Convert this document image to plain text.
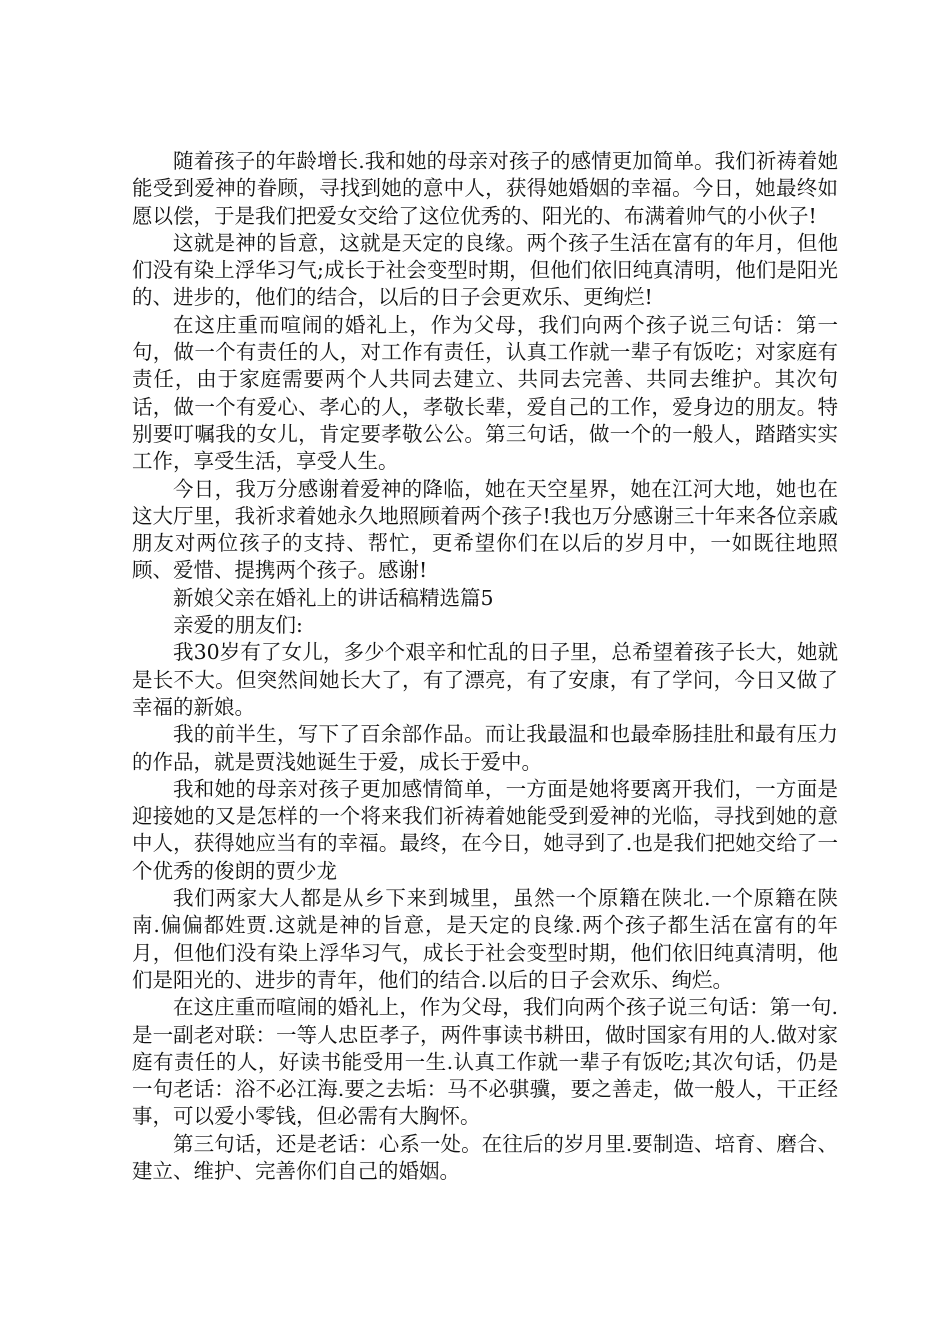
随着孩子的年龄增长.我和她的母亲对孩子的感情更加简单。我们祈祷着她能受到爱神的眷顾，寻找到她的意中人，获得她婚姻的幸福。今日，她最终如愿以偿，于是我们把爱女交给了这位优秀的、阳光的、布满着帅气的小伙子!

这就是神的旨意，这就是天定的良缘。两个孩子生活在富有的年月，但他们没有染上浮华习气;成长于社会变型时期，但他们依旧纯真清明，他们是阳光的、进步的，他们的结合，以后的日子会更欢乐、更绚烂!

在这庄重而喧闹的婚礼上，作为父母，我们向两个孩子说三句话：第一句，做一个有责任的人，对工作有责任，认真工作就一辈子有饭吃；对家庭有责任，由于家庭需要两个人共同去建立、共同去完善、共同去维护。其次句话，做一个有爱心、孝心的人，孝敬长辈，爱自己的工作，爱身边的朋友。特别要叮嘱我的女儿，肯定要孝敬公公。第三句话，做一个的一般人，踏踏实实工作，享受生活，享受人生。

今日，我万分感谢着爱神的降临，她在天空星界，她在江河大地，她也在这大厅里，我祈求着她永久地照顾着两个孩子!我也万分感谢三十年来各位亲戚朋友对两位孩子的支持、帮忙，更希望你们在以后的岁月中，一如既往地照顾、爱惜、提携两个孩子。感谢!

新娘父亲在婚礼上的讲话稿精选篇5

亲爱的朋友们:

我30岁有了女儿，多少个艰辛和忙乱的日子里，总希望着孩子长大，她就是长不大。但突然间她长大了，有了漂亮，有了安康，有了学问，今日又做了幸福的新娘。

我的前半生，写下了百余部作品。而让我最温和也最牵肠挂肚和最有压力的作品，就是贾浅她诞生于爱，成长于爱中。

我和她的母亲对孩子更加感情简单，一方面是她将要离开我们，一方面是迎接她的又是怎样的一个将来我们祈祷着她能受到爱神的光临，寻找到她的意中人，获得她应当有的幸福。最终，在今日，她寻到了.也是我们把她交给了一个优秀的俊朗的贾少龙

我们两家大人都是从乡下来到城里，虽然一个原籍在陕北.一个原籍在陕南.偏偏都姓贾.这就是神的旨意，是天定的良缘.两个孩子都生活在富有的年月，但他们没有染上浮华习气，成长于社会变型时期，他们依旧纯真清明，他们是阳光的、进步的青年，他们的结合.以后的日子会欢乐、绚烂。

在这庄重而喧闹的婚礼上，作为父母，我们向两个孩子说三句话：第一句.是一副老对联：一等人忠臣孝子，两件事读书耕田，做时国家有用的人.做对家庭有责任的人，好读书能受用一生.认真工作就一辈子有饭吃;其次句话，仍是一句老话：浴不必江海.要之去垢：马不必骐骥，要之善走，做一般人，干正经事，可以爱小零钱，但必需有大胸怀。

第三句话，还是老话：心系一处。在往后的岁月里.要制造、培育、磨合、建立、维护、完善你们自己的婚姻。
